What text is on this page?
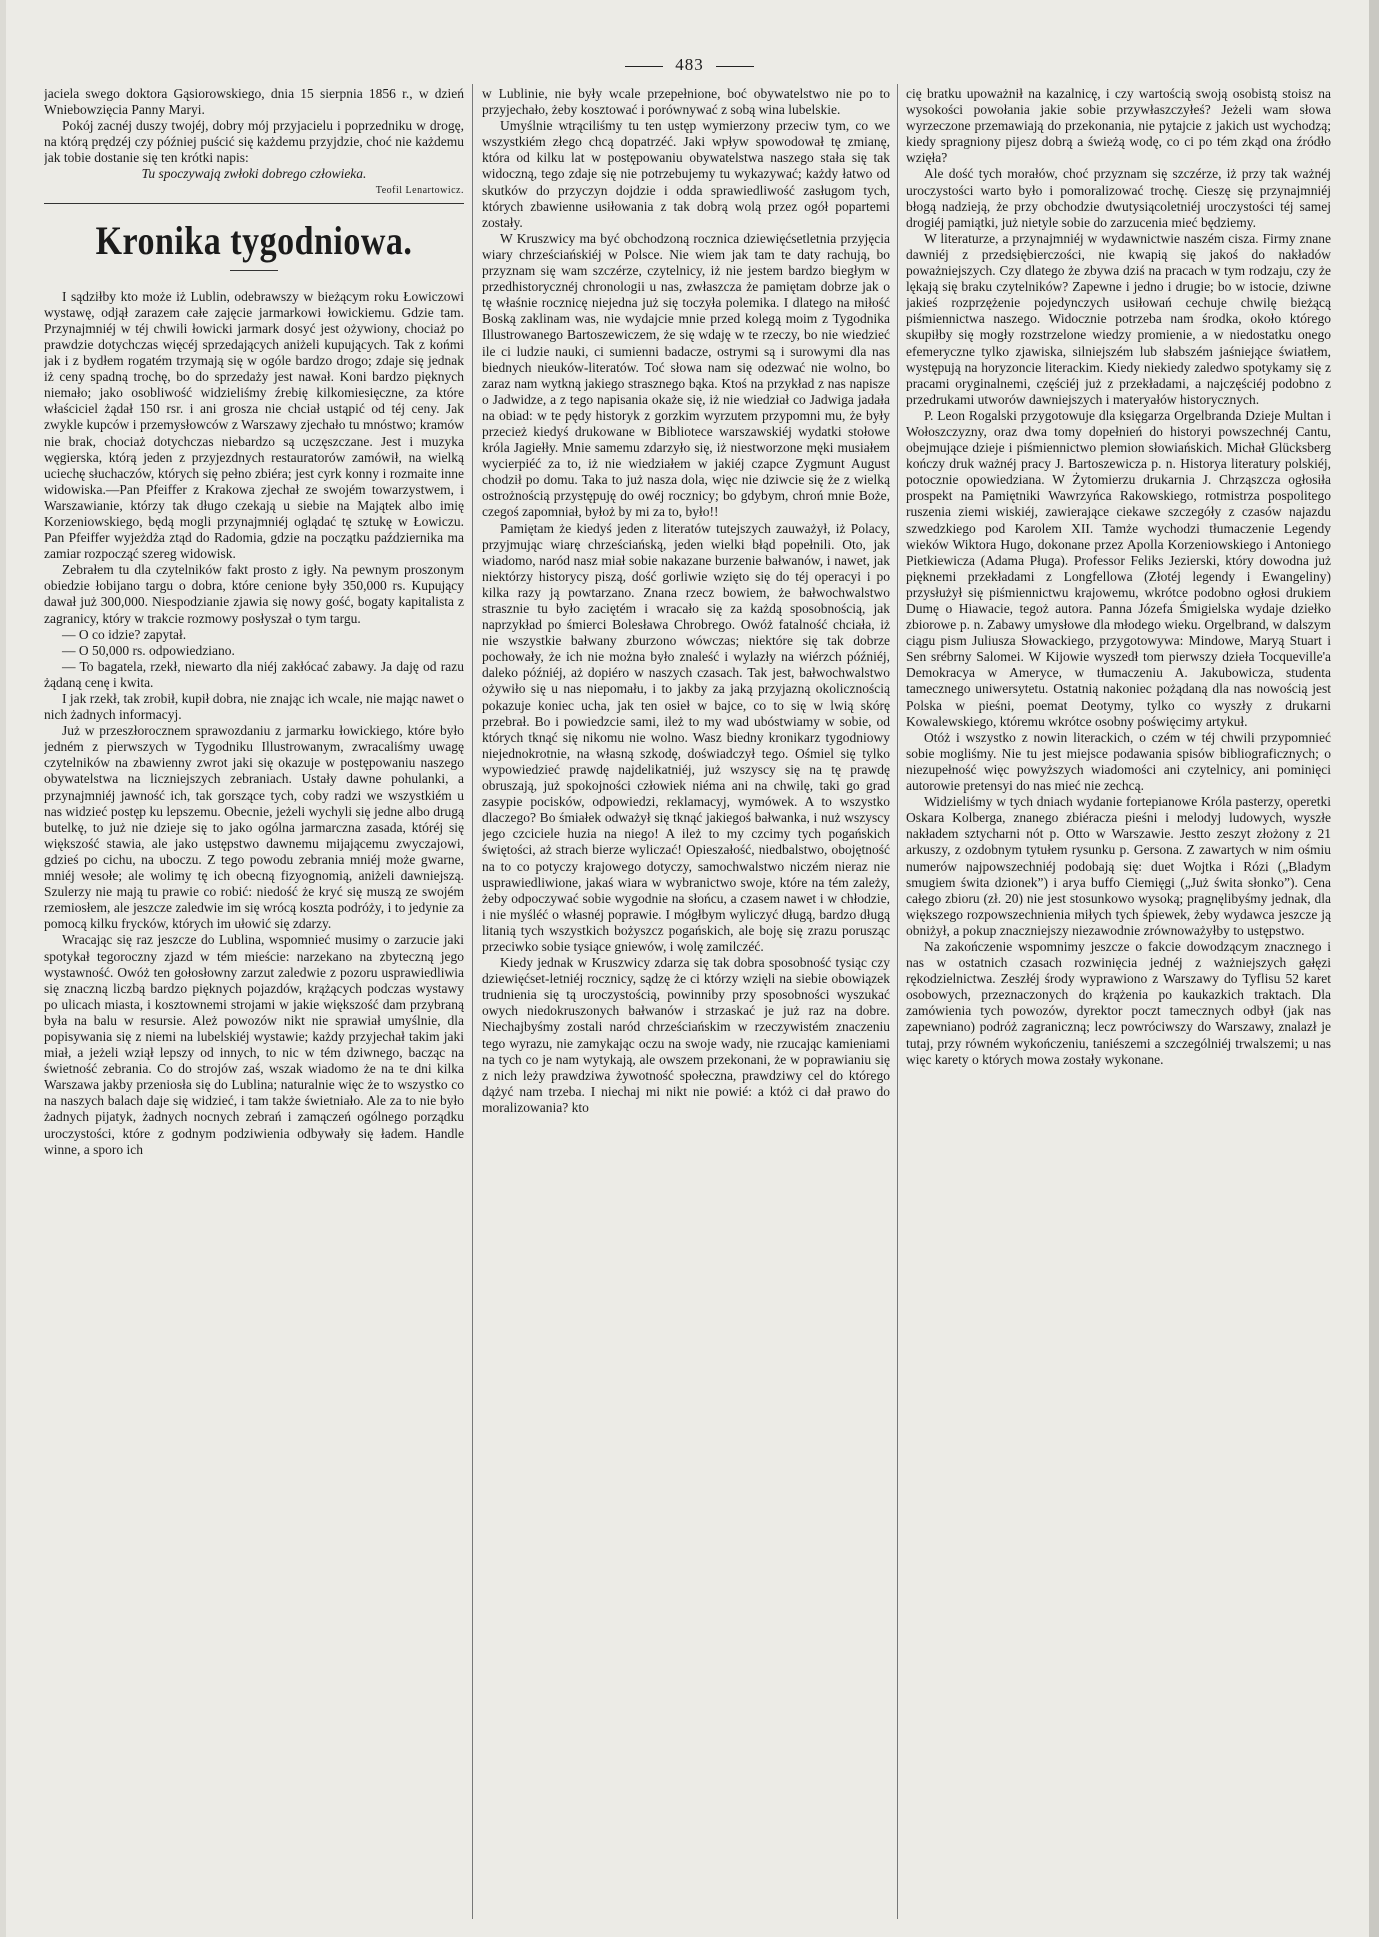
483

jaciela swego doktora Gąsiorowskiego, dnia 15 sierpnia 1856 r., w dzień Wniebowzięcia Panny Maryi.

Pokój zacnéj duszy twojéj, dobry mój przyjacielu i poprzedniku w drogę, na którą prędzéj czy później puścić się każdemu przyjdzie, choć nie każdemu jak tobie dostanie się ten krótki napis:

Tu spoczywają zwłoki dobrego człowieka.

Teofil Lenartowicz.

Kronika tygodniowa.

I sądziłby kto może iż Lublin, odebrawszy w bieżącym roku Łowiczowi wystawę, odjął zarazem całe zajęcie jarmarkowi łowickiemu. Gdzie tam. Przynajmniéj w téj chwili łowicki jarmark dosyć jest ożywiony, chociaż po prawdzie dotychczas więcéj sprzedających aniżeli kupujących. Tak z końmi jak i z bydłem rogatém trzymają się w ogóle bardzo drogo; zdaje się jednak iż ceny spadną trochę, bo do sprzedaży jest nawał. Koni bardzo pięknych niemało; jako osobliwość widzieliśmy źrebię kilkomiesięczne, za które właściciel żądał 150 rsr. i ani grosza nie chciał ustąpić od téj ceny. Jak zwykle kupców i przemysłowców z Warszawy zjechało tu mnóstwo; kramów nie brak, chociaż dotychczas niebardzo są uczęszczane. Jest i muzyka węgierska, którą jeden z przyjezdnych restauratorów zamówił, na wielką uciechę słuchaczów, których się pełno zbiéra; jest cyrk konny i rozmaite inne widowiska.—Pan Pfeiffer z Krakowa zjechał ze swojém towarzystwem, i Warszawianie, którzy tak długo czekają u siebie na Majątek albo imię Korzeniowskiego, będą mogli przynajmniéj oglądać tę sztukę w Łowiczu. Pan Pfeiffer wyjeżdża ztąd do Radomia, gdzie na początku października ma zamiar rozpocząć szereg widowisk.

Zebrałem tu dla czytelników fakt prosto z igły. Na pewnym proszonym obiedzie łobijano targu o dobra, które cenione były 350,000 rs. Kupujący dawał już 300,000. Niespodzianie zjawia się nowy gość, bogaty kapitalista z zagranicy, który w trakcie rozmowy posłyszał o tym targu.

— O co idzie? zapytał.

— O 50,000 rs. odpowiedziano.

— To bagatela, rzekł, niewarto dla niéj zakłócać zabawy. Ja daję od razu żądaną cenę i kwita.

I jak rzekł, tak zrobił, kupił dobra, nie znając ich wcale, nie mając nawet o nich żadnych informacyj.

Już w przeszłorocznem sprawozdaniu z jarmarku łowickiego, które było jedném z pierwszych w Tygodniku Illustrowanym, zwracaliśmy uwagę czytelników na zbawienny zwrot jaki się okazuje w postępowaniu naszego obywatelstwa na liczniejszych zebraniach. Ustały dawne pohulanki, a przynajmniéj jawność ich, tak gorszące tych, coby radzi we wszystkiém u nas widzieć postęp ku lepszemu. Obecnie, jeżeli wychyli się jedne albo drugą butelkę, to już nie dzieje się to jako ogólna jarmarczna zasada, któréj się większość stawia, ale jako ustępstwo dawnemu mijającemu zwyczajowi, gdzieś po cichu, na uboczu. Z tego powodu zebrania mniéj może gwarne, mniéj wesołe; ale wolimy tę ich obecną fizyognomią, aniżeli dawniejszą. Szulerzy nie mają tu prawie co robić: niedość że kryć się muszą ze swojém rzemiosłem, ale jeszcze zaledwie im się wrócą koszta podróży, i to jedynie za pomocą kilku frycków, których im ułowić się zdarzy.

Wracając się raz jeszcze do Lublina, wspomnieć musimy o zarzucie jaki spotykał tegoroczny zjazd w tém mieście: narzekano na zbyteczną jego wystawność. Owóż ten gołosłowny zarzut zaledwie z pozoru usprawiedliwia się znaczną liczbą bardzo pięknych pojazdów, krążących podczas wystawy po ulicach miasta, i kosztownemi strojami w jakie większość dam przybraną była na balu w resursie. Ależ powozów nikt nie sprawiał umyślnie, dla popisywania się z niemi na lubelskiéj wystawie; każdy przyjechał takim jaki miał, a jeżeli wziął lepszy od innych, to nic w tém dziwnego, bacząc na świetność zebrania. Co do strojów zaś, wszak wiadomo że na te dni kilka Warszawa jakby przeniosła się do Lublina; naturalnie więc że to wszystko co na naszych balach daje się widzieć, i tam także świetniało. Ale za to nie było żadnych pijatyk, żadnych nocnych zebrań i zamączeń ogólnego porządku uroczystości, które z godnym podziwienia odbywały się ładem. Handle winne, a sporo ich

w Lublinie, nie były wcale przepełnione, boć obywatelstwo nie po to przyjechało, żeby kosztować i porównywać z sobą wina lubelskie.

Umyślnie wtrąciliśmy tu ten ustęp wymierzony przeciw tym, co we wszystkiém złego chcą dopatrzéć. Jaki wpływ spowodował tę zmianę, która od kilku lat w postępowaniu obywatelstwa naszego stała się tak widoczną, tego zdaje się nie potrzebujemy tu wykazywać; każdy łatwo od skutków do przyczyn dojdzie i odda sprawiedliwość zasługom tych, których zbawienne usiłowania z tak dobrą wolą przez ogół popartemi zostały.

W Kruszwicy ma być obchodzoną rocznica dziewięćsetletnia przyjęcia wiary chrześciańskiéj w Polsce. Nie wiem jak tam te daty rachują, bo przyznam się wam szczérze, czytelnicy, iż nie jestem bardzo biegłym w przedhistorycznéj chronologii u nas, zwłaszcza że pamiętam dobrze jak o tę właśnie rocznicę niejedna już się toczyła polemika. I dlatego na miłość Boską zaklinam was, nie wydajcie mnie przed kolegą moim z Tygodnika Illustrowanego Bartoszewiczem, że się wdaję w te rzeczy, bo nie wiedzieć ile ci ludzie nauki, ci sumienni badacze, ostrymi są i surowymi dla nas biednych nieuków-literatów. Toć słowa nam się odezwać nie wolno, bo zaraz nam wytkną jakiego strasznego bąka. Ktoś na przykład z nas napisze o Jadwidze, a z tego napisania okaże się, iż nie wiedział co Jadwiga jadała na obiad: w te pędy historyk z gorzkim wyrzutem przypomni mu, że były przecież kiedyś drukowane w Bibliotece warszawskiéj wydatki stołowe króla Jagiełły. Mnie samemu zdarzyło się, iż niestworzone męki musiałem wycierpiéć za to, iż nie wiedziałem w jakiéj czapce Zygmunt August chodził po domu. Taka to już nasza dola, więc nie dziwcie się że z wielką ostrożnością przystępuję do owéj rocznicy; bo gdybym, chroń mnie Boże, czegoś zapomniał, byłoż by mi za to, było!!

Pamiętam że kiedyś jeden z literatów tutejszych zauważył, iż Polacy, przyjmując wiarę chrześciańską, jeden wielki błąd popełnili. Oto, jak wiadomo, naród nasz miał sobie nakazane burzenie bałwanów, i nawet, jak niektórzy historycy piszą, dość gorliwie wzięto się do téj operacyi i po kilka razy ją powtarzano. Znana rzecz bowiem, że bałwochwalstwo strasznie tu było zaciętém i wracało się za każdą sposobnością, jak naprzykład po śmierci Bolesława Chrobrego. Owóż fatalność chciała, iż nie wszystkie bałwany zburzono wówczas; niektóre się tak dobrze pochowały, że ich nie można było znaleść i wylazły na wiérzch późniéj, daleko późniéj, aż dopiéro w naszych czasach. Tak jest, bałwochwalstwo ożywiło się u nas niepomału, i to jakby za jaką przyjazną okolicznością pokazuje koniec ucha, jak ten osieł w bajce, co to się w lwią skórę przebrał. Bo i powiedzcie sami, ileż to my wad ubóstwiamy w sobie, od których tknąć się nikomu nie wolno. Wasz biedny kronikarz tygodniowy niejednokrotnie, na własną szkodę, doświadczył tego. Ośmiel się tylko wypowiedzieć prawdę najdelikatniéj, już wszyscy się na tę prawdę obruszają, już spokojności człowiek niéma ani na chwilę, taki go grad zasypie pocisków, odpowiedzi, reklamacyj, wymówek. A to wszystko dlaczego? Bo śmiałek odważył się tknąć jakiegoś bałwanka, i nuż wszyscy jego czciciele huzia na niego! A ileż to my czcimy tych pogańskich świętości, aż strach bierze wyliczać! Opieszałość, niedbalstwo, obojętność na to co potyczy krajowego dotyczy, samochwalstwo niczém nieraz nie usprawiedliwione, jakaś wiara w wybranictwo swoje, które na tém zależy, żeby odpoczywać sobie wygodnie na słońcu, a czasem nawet i w chłodzie, i nie myśléć o własnéj poprawie. I mógłbym wyliczyć długą, bardzo długą litanią tych wszystkich bożyszcz pogańskich, ale boję się zrazu porusząc przeciwko sobie tysiące gniewów, i wolę zamilczéć.

Kiedy jednak w Kruszwicy zdarza się tak dobra sposobność tysiąc czy dziewięćset-letniéj rocznicy, sądzę że ci którzy wzięli na siebie obowiązek trudnienia się tą uroczystością, powinniby przy sposobności wyszukać owych niedokruszonych bałwanów i strzaskać je już raz na dobre. Niechajbyśmy zostali naród chrześciańskim w rzeczywistém znaczeniu tego wyrazu, nie zamykając oczu na swoje wady, nie rzucając kamieniami na tych co je nam wytykają, ale owszem przekonani, że w poprawianiu się z nich leży prawdziwa żywotność społeczna, prawdziwy cel do którego dążyć nam trzeba. I niechaj mi nikt nie powié: a któż ci dał prawo do moralizowania? kto

cię bratku upoważnił na kazalnicę, i czy wartością swoją osobistą stoisz na wysokości powołania jakie sobie przywłaszczyłeś? Jeżeli wam słowa wyrzeczone przemawiają do przekonania, nie pytajcie z jakich ust wychodzą; kiedy spragniony pijesz dobrą a świeżą wodę, co ci po tém zkąd ona źródło wzięła?

Ale dość tych morałów, choć przyznam się szczérze, iż przy tak ważnéj uroczystości warto było i pomoralizować trochę. Cieszę się przynajmniéj błogą nadzieją, że przy obchodzie dwutysiącoletniéj uroczystości téj samej drogiéj pamiątki, już nietyle sobie do zarzucenia mieć będziemy.

W literaturze, a przynajmniéj w wydawnictwie naszém cisza. Firmy znane dawniéj z przedsiębierczości, nie kwapią się jakoś do nakładów poważniejszych. Czy dlatego że zbywa dziś na pracach w tym rodzaju, czy że lękają się braku czytelników? Zapewne i jedno i drugie; bo w istocie, dziwne jakieś rozprzężenie pojedynczych usiłowań cechuje chwilę bieżącą piśmiennictwa naszego. Widocznie potrzeba nam środka, około którego skupiłby się mogły rozstrzelone wiedzy promienie, a w niedostatku onego efemeryczne tylko zjawiska, silniejszém lub słabszém jaśniejące światłem, występują na horyzoncie literackim. Kiedy niekiedy zaledwo spotykamy się z pracami oryginalnemi, częściéj już z przekładami, a najczęściéj podobno z przedrukami utworów dawniejszych i materyałów historycznych.

P. Leon Rogalski przygotowuje dla księgarza Orgelbranda Dzieje Multan i Wołoszczyzny, oraz dwa tomy dopełnień do historyi powszechnéj Cantu, obejmujące dzieje i piśmiennictwo plemion słowiańskich. Michał Glücksberg kończy druk ważnéj pracy J. Bartoszewicza p. n. Historya literatury polskiéj, potocznie opowiedziana. W Żytomierzu drukarnia J. Chrząszcza ogłosiła prospekt na Pamiętniki Wawrzyńca Rakowskiego, rotmistrza pospolitego ruszenia ziemi wiskiéj, zawierające ciekawe szczegóły z czasów najazdu szwedzkiego pod Karolem XII. Tamże wychodzi tłumaczenie Legendy wieków Wiktora Hugo, dokonane przez Apolla Korzeniowskiego i Antoniego Pietkiewicza (Adama Pługa). Professor Feliks Jezierski, który dowodna już pięknemi przekładami z Longfellowa (Złotéj legendy i Ewangeliny) przysłużył się piśmiennictwu krajowemu, wkrótce podobno ogłosi drukiem Dumę o Hiawacie, tegoż autora. Panna Józefa Śmigielska wydaje dziełko zbiorowe p. n. Zabawy umysłowe dla młodego wieku. Orgelbrand, w dalszym ciągu pism Juliusza Słowackiego, przygotowywa: Mindowe, Maryą Stuart i Sen srébrny Salomei. W Kijowie wyszedł tom pierwszy dzieła Tocqueville'a Demokracya w Ameryce, w tłumaczeniu A. Jakubowicza, studenta tamecznego uniwersytetu. Ostatnią nakoniec pożądaną dla nas nowością jest Polska w pieśni, poemat Deotymy, tylko co wyszły z drukarni Kowalewskiego, któremu wkrótce osobny poświęcimy artykuł.

Otóż i wszystko z nowin literackich, o czém w téj chwili przypomnieć sobie mogliśmy. Nie tu jest miejsce podawania spisów bibliograficznych; o niezupełność więc powyższych wiadomości ani czytelnicy, ani pominięci autorowie pretensyi do nas mieć nie zechcą.

Widzieliśmy w tych dniach wydanie fortepianowe Króla pasterzy, operetki Oskara Kolberga, znanego zbiéracza pieśni i melodyj ludowych, wyszłe nakładem sztycharni nót p. Otto w Warszawie. Jestto zeszyt złożony z 21 arkuszy, z ozdobnym tytułem rysunku p. Gersona. Z zawartych w nim ośmiu numerów najpowszechniéj podobają się: duet Wojtka i Rózi („Bladym smugiem świta dzionek”) i arya buffo Ciemięgi („Już świta słonko”). Cena całego zbioru (zł. 20) nie jest stosunkowo wysoką; pragnęlibyśmy jednak, dla większego rozpowszechnienia miłych tych śpiewek, żeby wydawca jeszcze ją obniżył, a pokup znaczniejszy niezawodnie zrównoważyłby to ustępstwo.

Na zakończenie wspomnimy jeszcze o fakcie dowodzącym znacznego i nas w ostatnich czasach rozwinięcia jednéj z ważniejszych gałęzi rękodzielnictwa. Zeszłéj środy wyprawiono z Warszawy do Tyflisu 52 karet osobowych, przeznaczonych do krążenia po kaukazkich traktach. Dla zamówienia tych powozów, dyrektor poczt tamecznych odbył (jak nas zapewniano) podróż zagraniczną; lecz powróciwszy do Warszawy, znalazł je tutaj, przy równém wykończeniu, taniészemi a szczególniéj trwalszemi; u nas więc karety o których mowa zostały wykonane.
